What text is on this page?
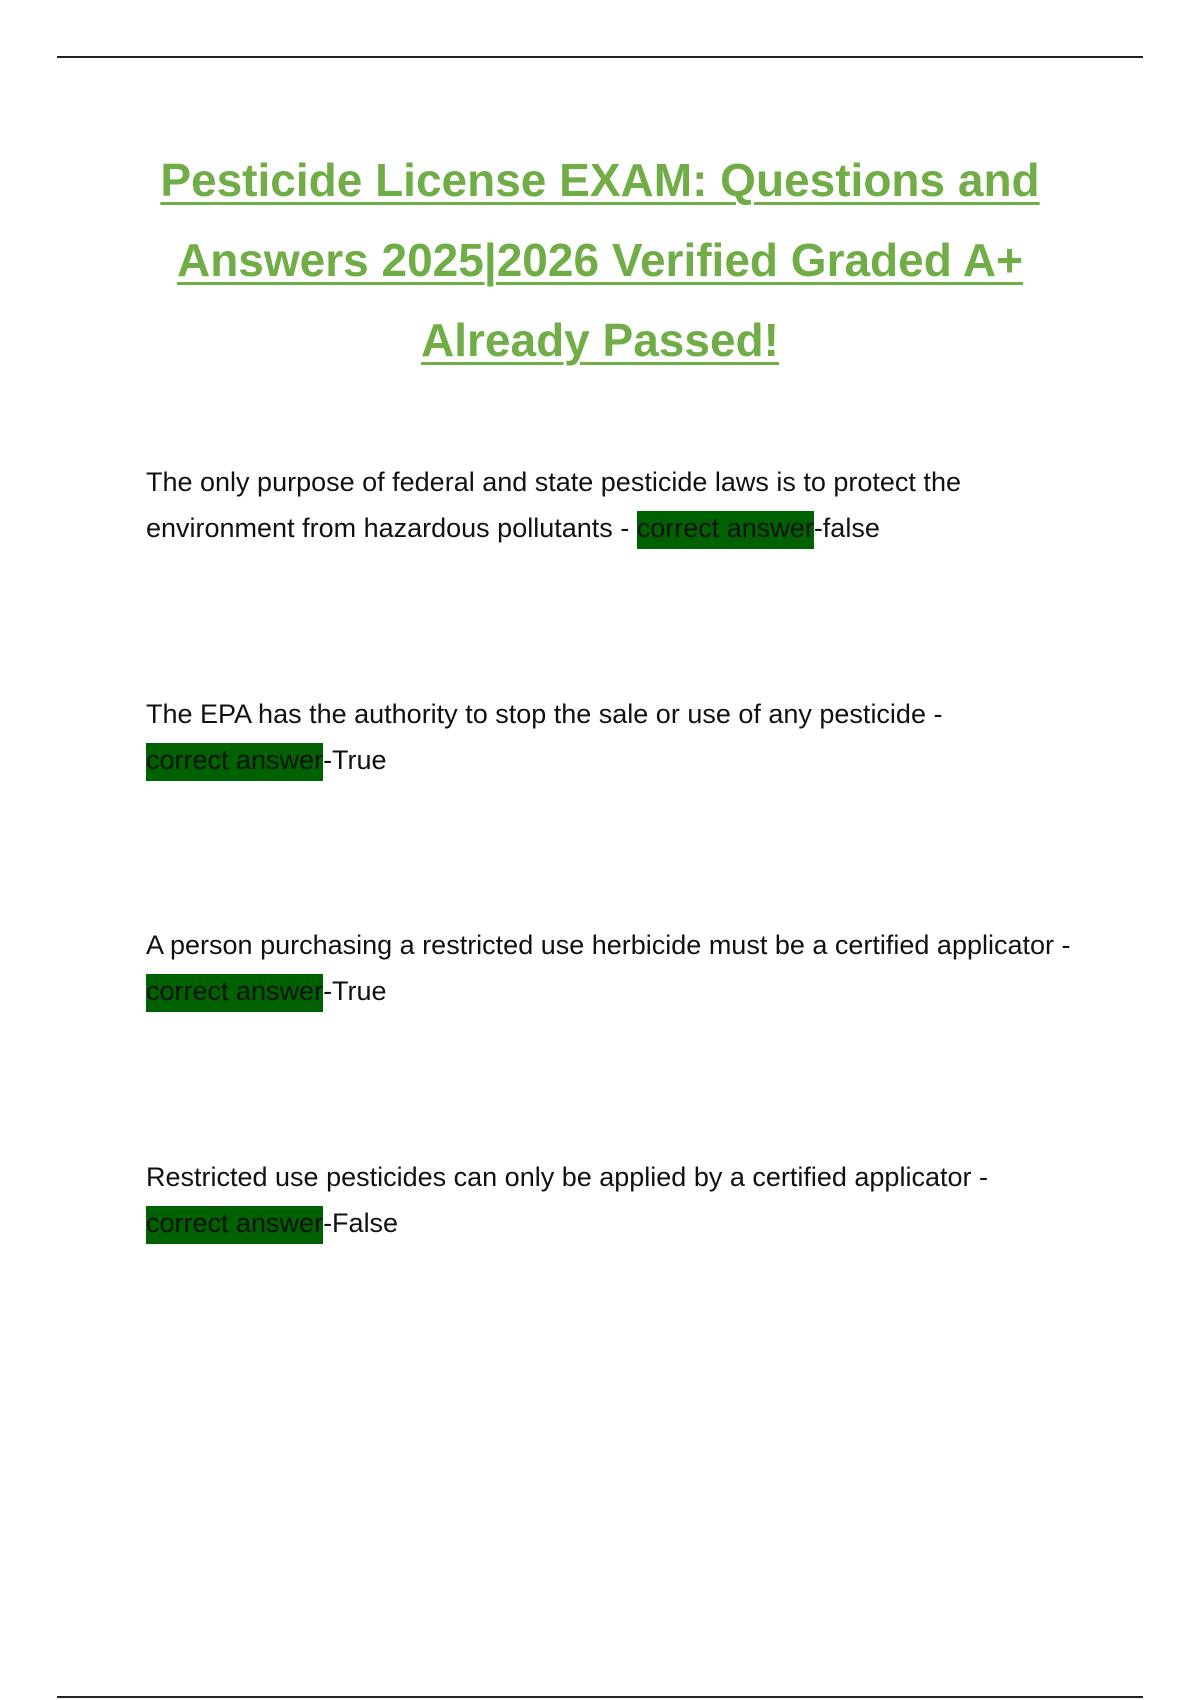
Pesticide License EXAM: Questions and
Answers 2025|2026 Verified Graded A+
Already Passed!

The only purpose of federal and state pesticide laws is to protect the environment from hazardous pollutants - correct answer-false

The EPA has the authority to stop the sale or use of any pesticide -
correct answer-True

A person purchasing a restricted use herbicide must be a certified applicator - correct answer-True

Restricted use pesticides can only be applied by a certified applicator -
correct answer-False
